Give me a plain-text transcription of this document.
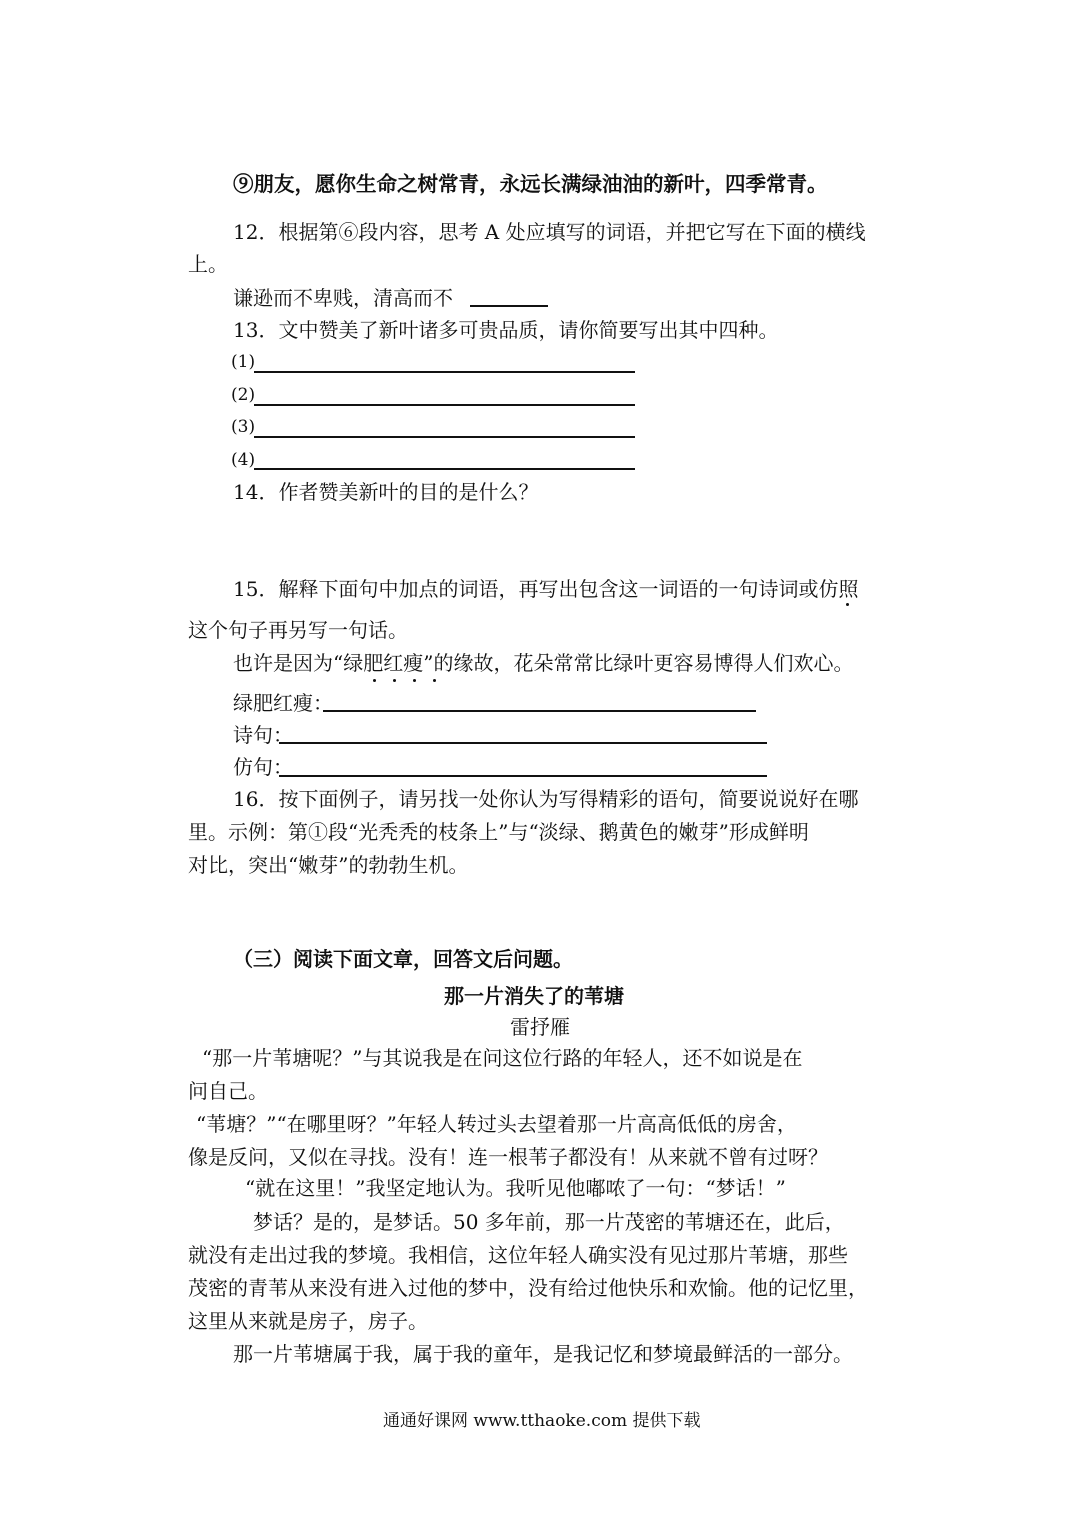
⑨朋友，愿你生命之树常青，永远长满绿油油的新叶，四季常青。
12．根据第⑥段内容，思考 A 处应填写的词语，并把它写在下面的横线
上。
谦逊而不卑贱，清高而不
13．文中赞美了新叶诸多可贵品质，请你简要写出其中四种。
(1)
(2)
(3)
(4)
14．作者赞美新叶的目的是什么？
15．解释下面句中加点的词语，再写出包含这一词语的一句诗词或仿照
这个句子再另写一句话。
也许是因为“绿肥红瘦”的缘故，花朵常常比绿叶更容易博得人们欢心。
绿肥红瘦：
诗句：
仿句：
16．按下面例子，请另找一处你认为写得精彩的语句，简要说说好在哪
里。示例：第①段“光秃秃的枝条上”与“淡绿、鹅黄色的嫩芽”形成鲜明
对比，突出“嫩芽”的勃勃生机。
（三）阅读下面文章，回答文后问题。
那一片消失了的苇塘
雷抒雁
“那一片苇塘呢？”与其说我是在问这位行路的年轻人，还不如说是在
问自己。
“苇塘？”“在哪里呀？”年轻人转过头去望着那一片高高低低的房舍，
像是反问，又似在寻找。没有！连一根苇子都没有！从来就不曾有过呀？
“就在这里！”我坚定地认为。我听见他嘟哝了一句：“梦话！”
梦话？是的，是梦话。50 多年前，那一片茂密的苇塘还在，此后，
就没有走出过我的梦境。我相信，这位年轻人确实没有见过那片苇塘，那些
茂密的青苇从来没有进入过他的梦中，没有给过他快乐和欢愉。他的记忆里，
这里从来就是房子，房子。
那一片苇塘属于我，属于我的童年，是我记忆和梦境最鲜活的一部分。
通通好课网 www.tthaoke.com 提供下载
